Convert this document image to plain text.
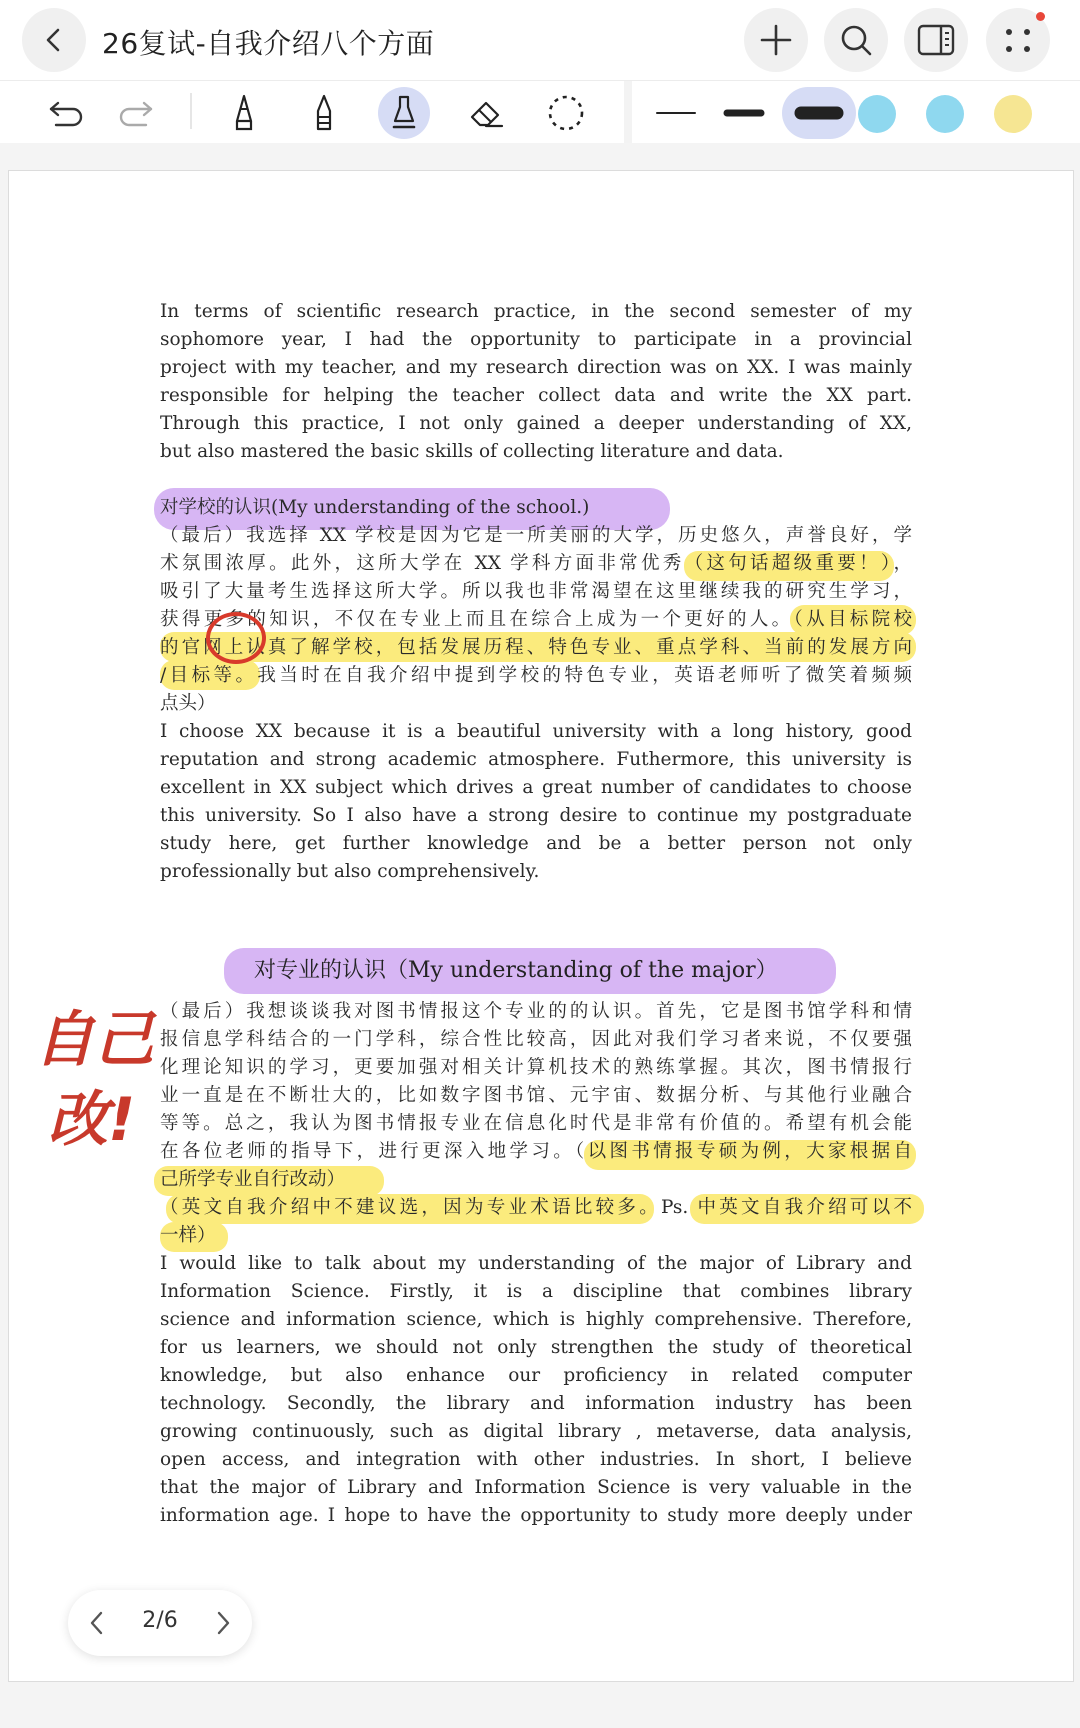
26复试-自我介绍八个方面
In terms of scientific research practice, in the second semester of my
sophomore year, I had the opportunity to participate in a provincial
project with my teacher, and my research direction was on XX. I was mainly
responsible for helping the teacher collect data and write the XX part.
Through this practice, I not only gained a deeper understanding of XX,
but also mastered the basic skills of collecting literature and data.
对学校的认识(My understanding of the school.)
（最后）我选择 XX 学校是因为它是一所美丽的大学，历史悠久，声誉良好，学
术氛围浓厚。此外，这所大学在 XX 学科方面非常优秀（这句话超级重要！），
吸引了大量考生选择这所大学。所以我也非常渴望在这里继续我的研究生学习，
获得更多的知识，不仅在专业上而且在综合上成为一个更好的人。（从目标院校
的官网上认真了解学校，包括发展历程、特色专业、重点学科、当前的发展方向
/目标等。我当时在自我介绍中提到学校的特色专业，英语老师听了微笑着频频
点头）
I choose XX because it is a beautiful university with a long history, good
reputation and strong academic atmosphere. Futhermore, this university is
excellent in XX subject which drives a great number of candidates to choose
this university. So I also have a strong desire to continue my postgraduate
study here, get further knowledge and be a better person not only
professionally but also comprehensively.
（最后）我想谈谈我对图书情报这个专业的的认识。首先，它是图书馆学科和情
报信息学科结合的一门学科，综合性比较高，因此对我们学习者来说，不仅要强
化理论知识的学习，更要加强对相关计算机技术的熟练掌握。其次，图书情报行
业一直是在不断壮大的，比如数字图书馆、元宇宙、数据分析、与其他行业融合
等等。总之，我认为图书情报专业在信息化时代是非常有价值的。希望有机会能
在各位老师的指导下，进行更深入地学习。（以图书情报专硕为例，大家根据自
己所学专业自行改动）
（英文自我介绍中不建议选，因为专业术语比较多。Ps. 中英文自我介绍可以不
一样）
I would like to talk about my understanding of the major of Library and
Information Science. Firstly, it is a discipline that combines library
science and information science, which is highly comprehensive. Therefore,
for us learners, we should not only strengthen the study of theoretical
knowledge, but also enhance our proficiency in related computer
technology. Secondly, the library and information industry has been
growing continuously, such as digital library , metaverse, data analysis,
open access, and integration with other industries. In short, I believe
that the major of Library and Information Science is very valuable in the
information age. I hope to have the opportunity to study more deeply under
对专业的认识（My understanding of the major）
自己
改!
2/6
